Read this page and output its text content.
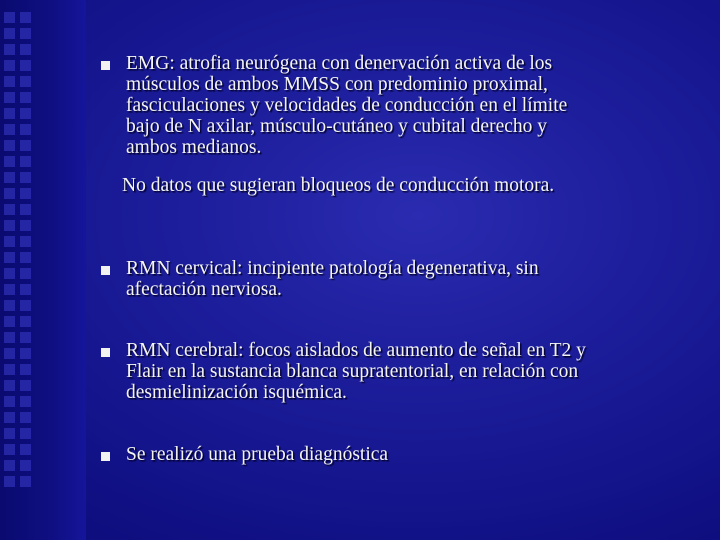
EMG: atrofia neurógena con denervación activa de los
músculos de ambos MMSS con predominio proximal,
fasciculaciones y velocidades de conducción en el límite
bajo de N axilar, músculo-cutáneo y cubital derecho y
ambos medianos.
No datos que sugieran bloqueos de conducción motora.
RMN cervical: incipiente patología degenerativa, sin
afectación nerviosa.
RMN cerebral: focos aislados de aumento de señal en T2 y
Flair en la sustancia blanca supratentorial, en relación con
desmielinización isquémica.
Se realizó una prueba diagnóstica
